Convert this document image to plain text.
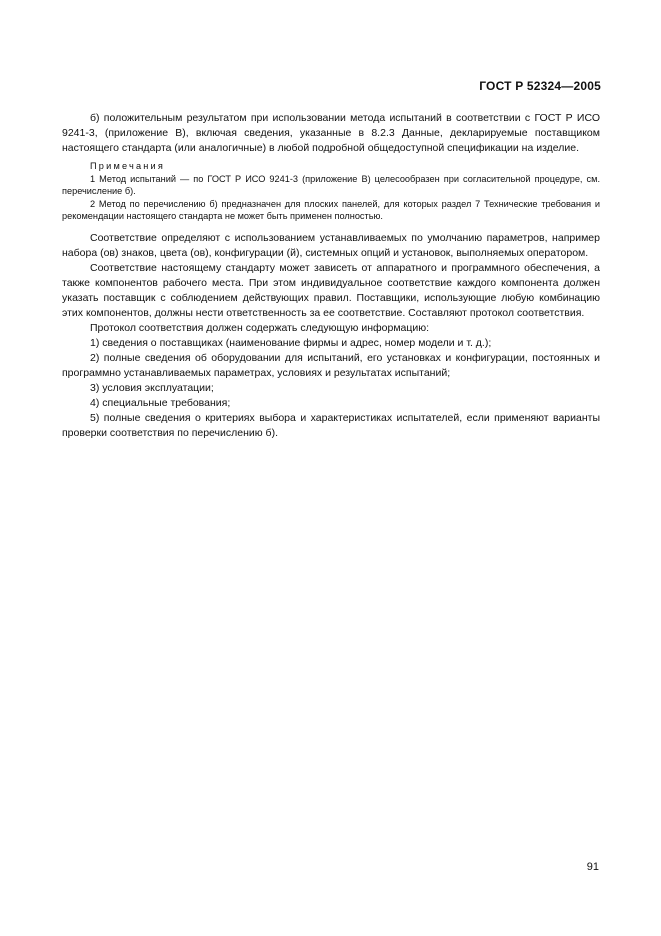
ГОСТ Р 52324—2005

б) положительным результатом при использовании метода испытаний в соответствии с ГОСТ Р ИСО 9241-3, (приложение В), включая сведения, указанные в 8.2.3 Данные, декларируемые поставщиком настоящего стандарта (или аналогичные) в любой подробной общедоступной спецификации на изделие.

Примечания

1 Метод испытаний — по ГОСТ Р ИСО 9241-3 (приложение В) целесообразен при согласительной процедуре, см. перечисление б).

2 Метод по перечислению б) предназначен для плоских панелей, для которых раздел 7 Технические требования и рекомендации настоящего стандарта не может быть применен полностью.

Соответствие определяют с использованием устанавливаемых по умолчанию параметров, например набора (ов) знаков, цвета (ов), конфигурации (й), системных опций и установок, выполняемых оператором.

Соответствие настоящему стандарту может зависеть от аппаратного и программного обеспечения, а также компонентов рабочего места. При этом индивидуальное соответствие каждого компонента должен указать поставщик с соблюдением действующих правил. Поставщики, использующие любую комбинацию этих компонентов, должны нести ответственность за ее соответствие. Составляют протокол соответствия.

Протокол соответствия должен содержать следующую информацию:

1) сведения о поставщиках (наименование фирмы и адрес, номер модели и т. д.);

2) полные сведения об оборудовании для испытаний, его установках и конфигурации, постоянных и программно устанавливаемых параметрах, условиях и результатах испытаний;

3) условия эксплуатации;

4) специальные требования;

5) полные сведения о критериях выбора и характеристиках испытателей, если применяют варианты проверки соответствия по перечислению б).

91
